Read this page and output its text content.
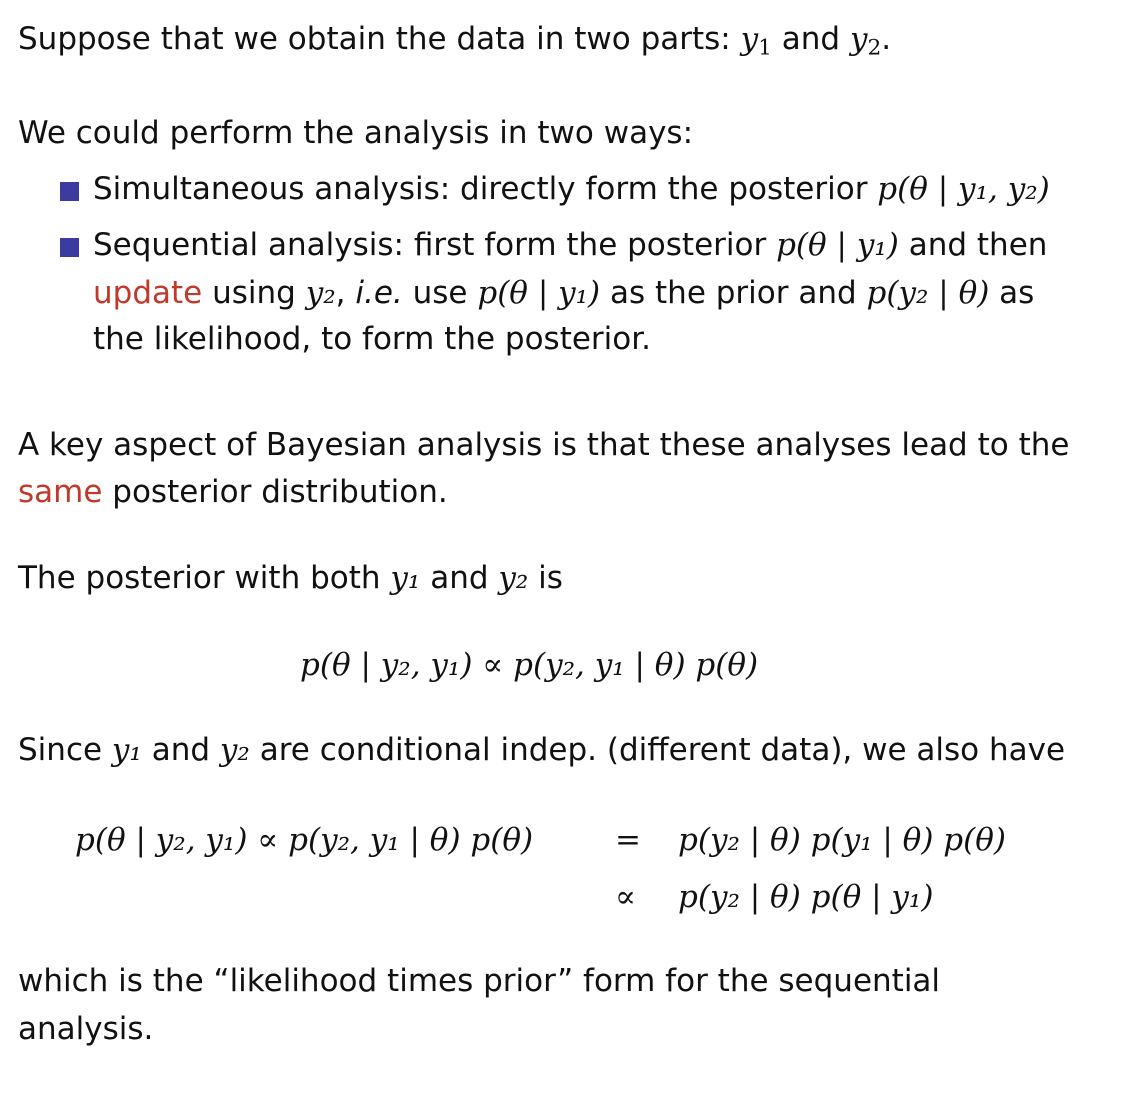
Suppose that we obtain the data in two parts: $y_1$ and $y_2$.
We could perform the analysis in two ways:
Simultaneous analysis: directly form the posterior p(θ | y₁, y₂)
Sequential analysis: first form the posterior p(θ | y₁) and then
update using y₂, i.e. use p(θ | y₁) as the prior and p(y₂ | θ) as
the likelihood, to form the posterior.
A key aspect of Bayesian analysis is that these analyses lead to the
same posterior distribution.
The posterior with both y₁ and y₂ is
p(θ | y₂, y₁) ∝ p(y₂, y₁ | θ) p(θ)
Since y₁ and y₂ are conditional indep. (different data), we also have
p(θ | y₂, y₁) ∝ p(y₂, y₁ | θ) p(θ)	= p(y₂ | θ) p(y₁ | θ) p(θ)
∝ p(y₂ | θ) p(θ | y₁)
which is the “likelihood times prior” form for the sequential
analysis.
